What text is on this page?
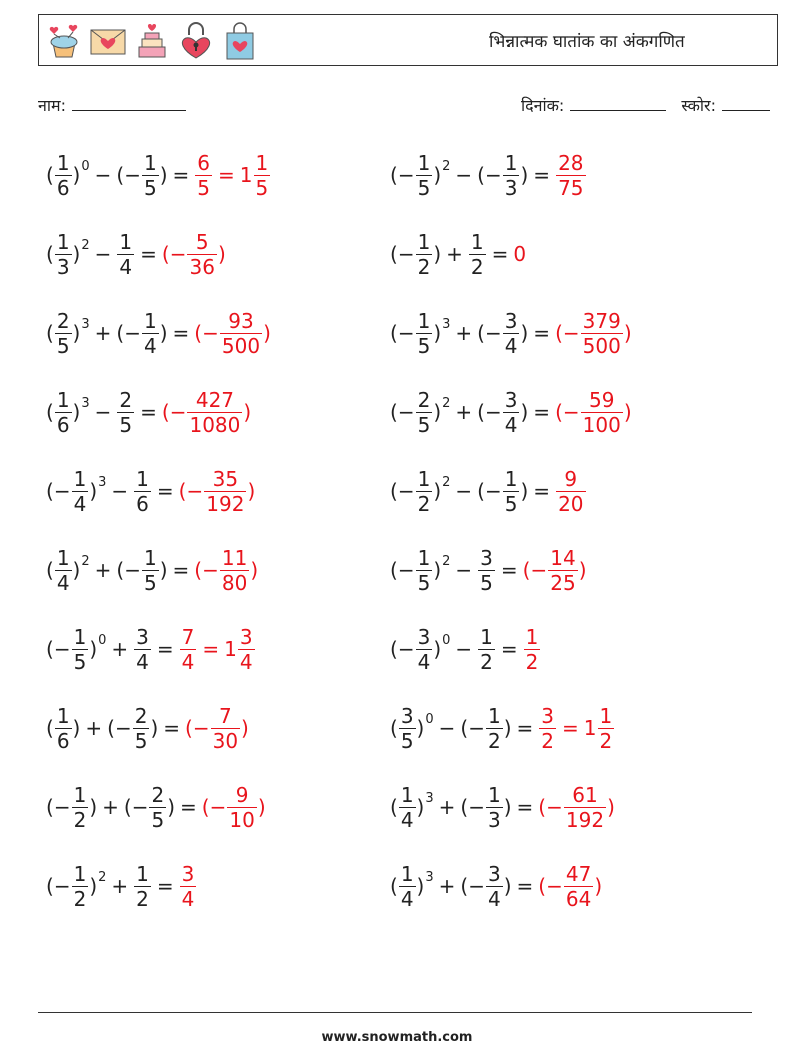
भिन्नात्मक घातांक का अंकगणित
नाम:	दिनांक:	स्कोर:
( $\frac{1}{6}$ ) 0 − ( − $\frac{1}{5}$ ) = $\frac{6}{5} = 1 \frac{1}{5}$	( − $\frac{1}{5}$ ) 2 − ( − $\frac{1}{3}$ ) = $\frac{28}{75}$
( $\frac{1}{3}$ ) $2 - \frac{1}{4}$ = ( − $\frac{5}{36}$ )	( − $\frac{1}{2}$ ) + $\frac{1}{2} = 0$
( $\frac{2}{5}$ ) 3 + ( − $\frac{1}{4}$ ) = ( − $\frac{93}{500}$ )	( − $\frac{1}{5}$ ) 3 + ( − $\frac{3}{4}$ ) = ( − $\frac{379}{500}$ )
( $\frac{1}{6}$ ) $3 - \frac{2}{5}$ = ( − $\frac{427}{1080}$ )	( − $\frac{2}{5}$ ) 2 + ( − $\frac{3}{4}$ ) = ( − $\frac{59}{100}$ )
( − $\frac{1}{4}$ ) $3 - \frac{1}{6}$ = ( − $\frac{35}{192}$ )	( − $\frac{1}{2}$ ) 2 − ( − $\frac{1}{5}$ ) = $\frac{9}{20}$
( $\frac{1}{4}$ ) 2 + ( − $\frac{1}{5}$ ) = ( − $\frac{11}{80}$ )	( − $\frac{1}{5}$ ) $2 - \frac{3}{5}$ = ( − $\frac{14}{25}$ )
( − $\frac{1}{5}$ ) $0 + \frac{3}{4} = \frac{7}{4} = 1 \frac{3}{4}$	( − $\frac{3}{4}$ ) $0 - \frac{1}{2} = \frac{1}{2}$
( $\frac{1}{6}$ ) + ( − $\frac{2}{5}$ ) = ( − $\frac{7}{30}$ )	( $\frac{3}{5}$ ) 0 − ( − $\frac{1}{2}$ ) = $\frac{3}{2} = 1 \frac{1}{2}$
( − $\frac{1}{2}$ ) + ( − $\frac{2}{5}$ ) = ( − $\frac{9}{10}$ )	( $\frac{1}{4}$ ) 3 + ( − $\frac{1}{3}$ ) = ( − $\frac{61}{192}$ )
( − $\frac{1}{2}$ ) $2 + \frac{1}{2} = \frac{3}{4}$	( $\frac{1}{4}$ ) 3 + ( − $\frac{3}{4}$ ) = ( − $\frac{47}{64}$ )
www.snowmath.com
